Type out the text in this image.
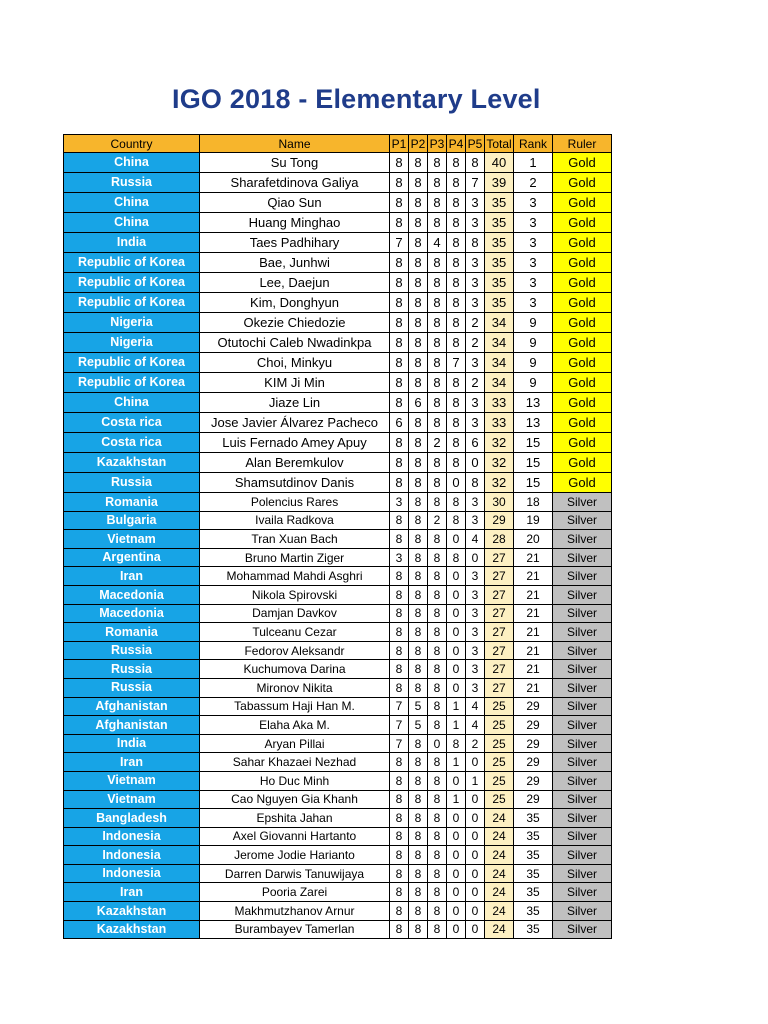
IGO 2018 - Elementary Level
Country	Name	P1	P2	P3	P4	P5	Total	Rank	Ruler
China	Su Tong	8	8	8	8	8	40	1	Gold
Russia	Sharafetdinova Galiya	8	8	8	8	7	39	2	Gold
China	Qiao Sun	8	8	8	8	3	35	3	Gold
China	Huang Minghao	8	8	8	8	3	35	3	Gold
India	Taes Padhihary	7	8	4	8	8	35	3	Gold
Republic of Korea	Bae, Junhwi	8	8	8	8	3	35	3	Gold
Republic of Korea	Lee, Daejun	8	8	8	8	3	35	3	Gold
Republic of Korea	Kim, Donghyun	8	8	8	8	3	35	3	Gold
Nigeria	Okezie Chiedozie	8	8	8	8	2	34	9	Gold
Nigeria	Otutochi Caleb Nwadinkpa	8	8	8	8	2	34	9	Gold
Republic of Korea	Choi, Minkyu	8	8	8	7	3	34	9	Gold
Republic of Korea	KIM Ji Min	8	8	8	8	2	34	9	Gold
China	Jiaze Lin	8	6	8	8	3	33	13	Gold
Costa rica	Jose Javier Álvarez Pacheco	6	8	8	8	3	33	13	Gold
Costa rica	Luis Fernado Amey Apuy	8	8	2	8	6	32	15	Gold
Kazakhstan	Alan Beremkulov	8	8	8	8	0	32	15	Gold
Russia	Shamsutdinov Danis	8	8	8	0	8	32	15	Gold
Romania	Polencius Rares	3	8	8	8	3	30	18	Silver
Bulgaria	Ivaila Radkova	8	8	2	8	3	29	19	Silver
Vietnam	Tran Xuan Bach	8	8	8	0	4	28	20	Silver
Argentina	Bruno Martin Ziger	3	8	8	8	0	27	21	Silver
Iran	Mohammad Mahdi Asghri	8	8	8	0	3	27	21	Silver
Macedonia	Nikola Spirovski	8	8	8	0	3	27	21	Silver
Macedonia	Damjan Davkov	8	8	8	0	3	27	21	Silver
Romania	Tulceanu Cezar	8	8	8	0	3	27	21	Silver
Russia	Fedorov Aleksandr	8	8	8	0	3	27	21	Silver
Russia	Kuchumova Darina	8	8	8	0	3	27	21	Silver
Russia	Mironov Nikita	8	8	8	0	3	27	21	Silver
Afghanistan	Tabassum Haji Han M.	7	5	8	1	4	25	29	Silver
Afghanistan	Elaha Aka M.	7	5	8	1	4	25	29	Silver
India	Aryan Pillai	7	8	0	8	2	25	29	Silver
Iran	Sahar Khazaei Nezhad	8	8	8	1	0	25	29	Silver
Vietnam	Ho Duc Minh	8	8	8	0	1	25	29	Silver
Vietnam	Cao Nguyen Gia Khanh	8	8	8	1	0	25	29	Silver
Bangladesh	Epshita Jahan	8	8	8	0	0	24	35	Silver
Indonesia	Axel Giovanni Hartanto	8	8	8	0	0	24	35	Silver
Indonesia	Jerome Jodie Harianto	8	8	8	0	0	24	35	Silver
Indonesia	Darren Darwis Tanuwijaya	8	8	8	0	0	24	35	Silver
Iran	Pooria Zarei	8	8	8	0	0	24	35	Silver
Kazakhstan	Makhmutzhanov Arnur	8	8	8	0	0	24	35	Silver
Kazakhstan	Burambayev Tamerlan	8	8	8	0	0	24	35	Silver
